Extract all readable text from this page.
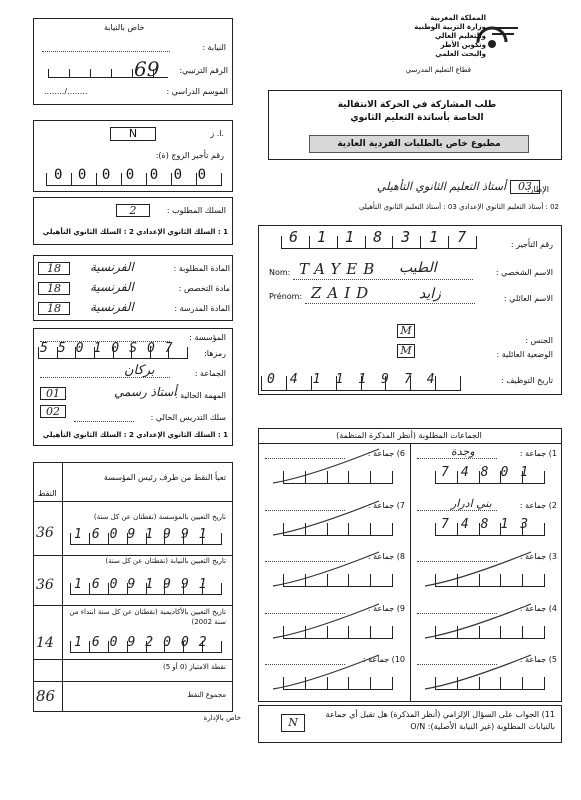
المملكة المغربية
وزارة التربية الوطنية
والتعليم العالي
وتكوين الأطر
والبحث العلمي
قطاع التعليم المدرسي
خاص بالنيابة
النيابة :
الرقم الترتيبي:
69
الموسم الدراسي :
......../........
طلب المشاركة في الحركة الانتقالية
الخاصة بأساتذة التعليم الثانوي
مطبوع خاص بالطلبات الفردية العادية
N	ا. ز.
رقم تأجير الزوج (ة):
0000000
السلك المطلوب :
2
1 : السلك الثانوي الإعدادي 2 : السلك الثانوي التأهيلي
الإطار:
03
أستاذ التعليم الثانوي التأهيلي
02 : أستاذ التعليم الثانوي الإعدادي 03 : أستاذ التعليم الثانوي التأهيلي
18	الفرنسية	المادة المطلوبة :
18	الفرنسية	مادة التخصص :
18	الفرنسية	المادة المدرسة :
رقم التأجير :
6118317
Nom: TAYEB الطيب	الاسم الشخصي :
Prénom: ZAID	زايد	الاسم العائلي :
M
الجنس :
M	الوضعية العائلية :
تاريخ التوظيف :
04111974
المؤسسة :
55010S07	رمزها:
الجماعة :
بركان
01	أستاذ رسمي
المهمة الحالية :
02	سلك التدريس الحالي :
1 : السلك الثانوي الإعدادي 2 : السلك الثانوي التأهيلي
تعبأ النقط من طرف رئيس المؤسسة
النقط
36
تاريخ التعيين بالمؤسسة (نقطتان عن كل سنة)
16091991
36
تاريخ التعيين بالنيابة (نقطتان عن كل سنة)
16091991
14
تاريخ التعيين بالأكاديمية (نقطتان عن كل سنة ابتداء من سنة 2002)
16092002
نقطة الامتياز (0 أو 5)
86	مجموع النقط
خاص بالإدارة
الجماعات المطلوبة (أنظر المذكرة المنظمة)
1) جماعة :
وجدة
74801
6) جماعة :
2) جماعة :
بني ادرار
74813
7) جماعة :
3) جماعة :
8) جماعة :
4) جماعة :
9) جماعة :
5) جماعة :
10) جماعة :
11) الجواب على السؤال الإلزامي (أنظر المذكرة) هل تقبل أي جماعة بالنيابات المطلوبة (غير النيابة الأصلية): O/N
N
